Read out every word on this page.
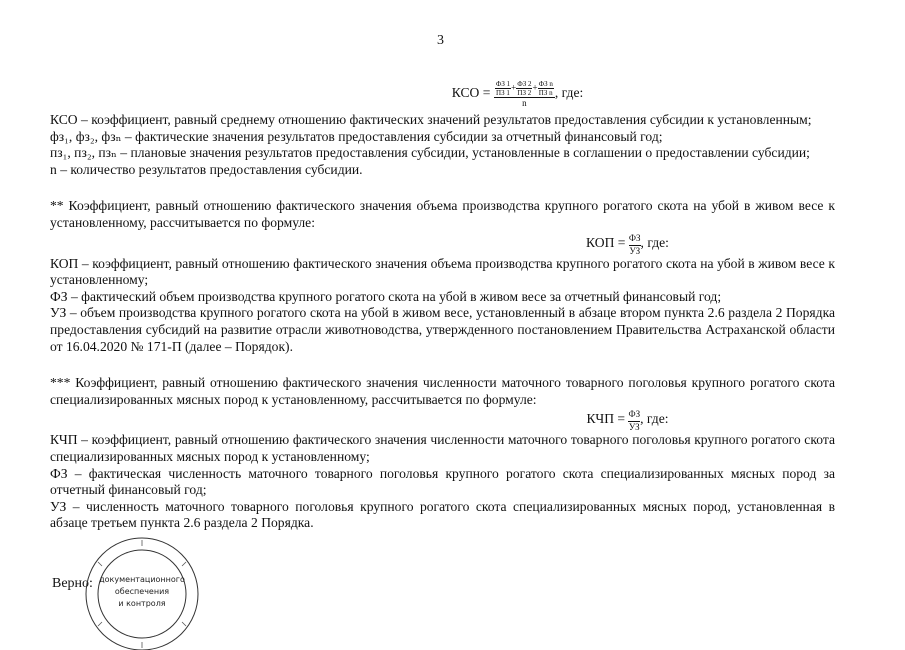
3
КСО = $\frac{\frac{ФЗ 1}{ПЗ 1} + \frac{ФЗ 2}{ПЗ 2} + \frac{\text{ФЗ n}}{\text{ПЗ n}}}{n}$ , где:

КСО – коэффициент, равный среднему отношению фактических значений результатов предоставления субсидии к установленным;

фз₁, фз₂, фзₙ – фактические значения результатов предоставления субсидии за отчетный финансовый год;

пз₁, пз₂, пзₙ – плановые значения результатов предоставления субсидии, установленные в соглашении о предоставлении субсидии;

n – количество результатов предоставления субсидии.

** Коэффициент, равный отношению фактического значения объема производства крупного рогатого скота на убой в живом весе к установленному, рассчитывается по формуле:

КОП = $\frac{ФЗ}{УЗ}$ , где:

КОП – коэффициент, равный отношению фактического значения объема производства крупного рогатого скота на убой в живом весе к установленному;

ФЗ – фактический объем производства крупного рогатого скота на убой в живом весе за отчетный финансовый год;

УЗ – объем производства крупного рогатого скота на убой в живом весе, установленный в абзаце втором пункта 2.6 раздела 2 Порядка предоставления субсидий на развитие отрасли животноводства, утвержденного постановлением Правительства Астраханской области от 16.04.2020 № 171-П (далее – Порядок).

*** Коэффициент, равный отношению фактического значения численности маточного товарного поголовья крупного рогатого скота специализированных мясных пород к установленному, рассчитывается по формуле:

КЧП = $\frac{ФЗ}{УЗ}$ , где:

КЧП – коэффициент, равный отношению фактического значения численности маточного товарного поголовья крупного рогатого скота специализированных мясных пород к установленному;

ФЗ – фактическая численность маточного товарного поголовья крупного рогатого скота специализированных мясных пород за отчетный финансовый год;

УЗ – численность маточного товарного поголовья крупного рогатого скота специализированных мясных пород, установленная в абзаце третьем пункта 2.6 раздела 2 Порядка.

Верно: документационного
обеспечения
и контроля
